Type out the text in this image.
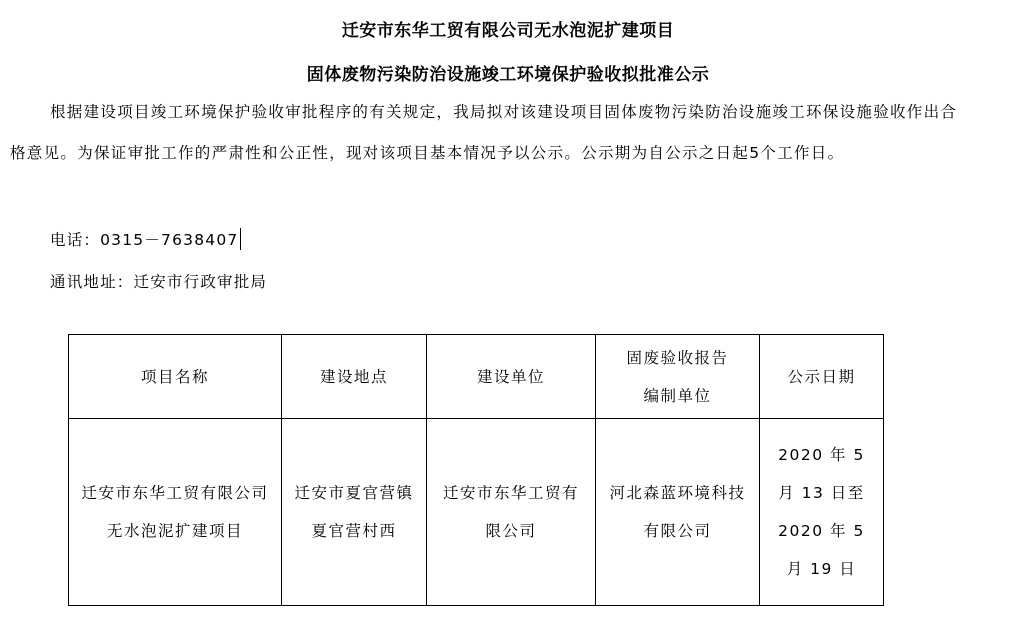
迁安市东华工贸有限公司无水泡泥扩建项目
固体废物污染防治设施竣工环境保护验收拟批准公示
根据建设项目竣工环境保护验收审批程序的有关规定，我局拟对该建设项目固体废物污染防治设施竣工环保设施验收作出合格意见。为保证审批工作的严肃性和公正性，现对该项目基本情况予以公示。公示期为自公示之日起5个工作日。
电话：0315－7638407
通讯地址：迁安市行政审批局
项目名称	建设地点	建设单位	固废验收报告编制单位	公示日期
迁安市东华工贸有限公司无水泡泥扩建项目	迁安市夏官营镇夏官营村西	迁安市东华工贸有限公司	河北森蓝环境科技有限公司	2020 年 5 月 13 日至 2020 年 5 月 19 日
